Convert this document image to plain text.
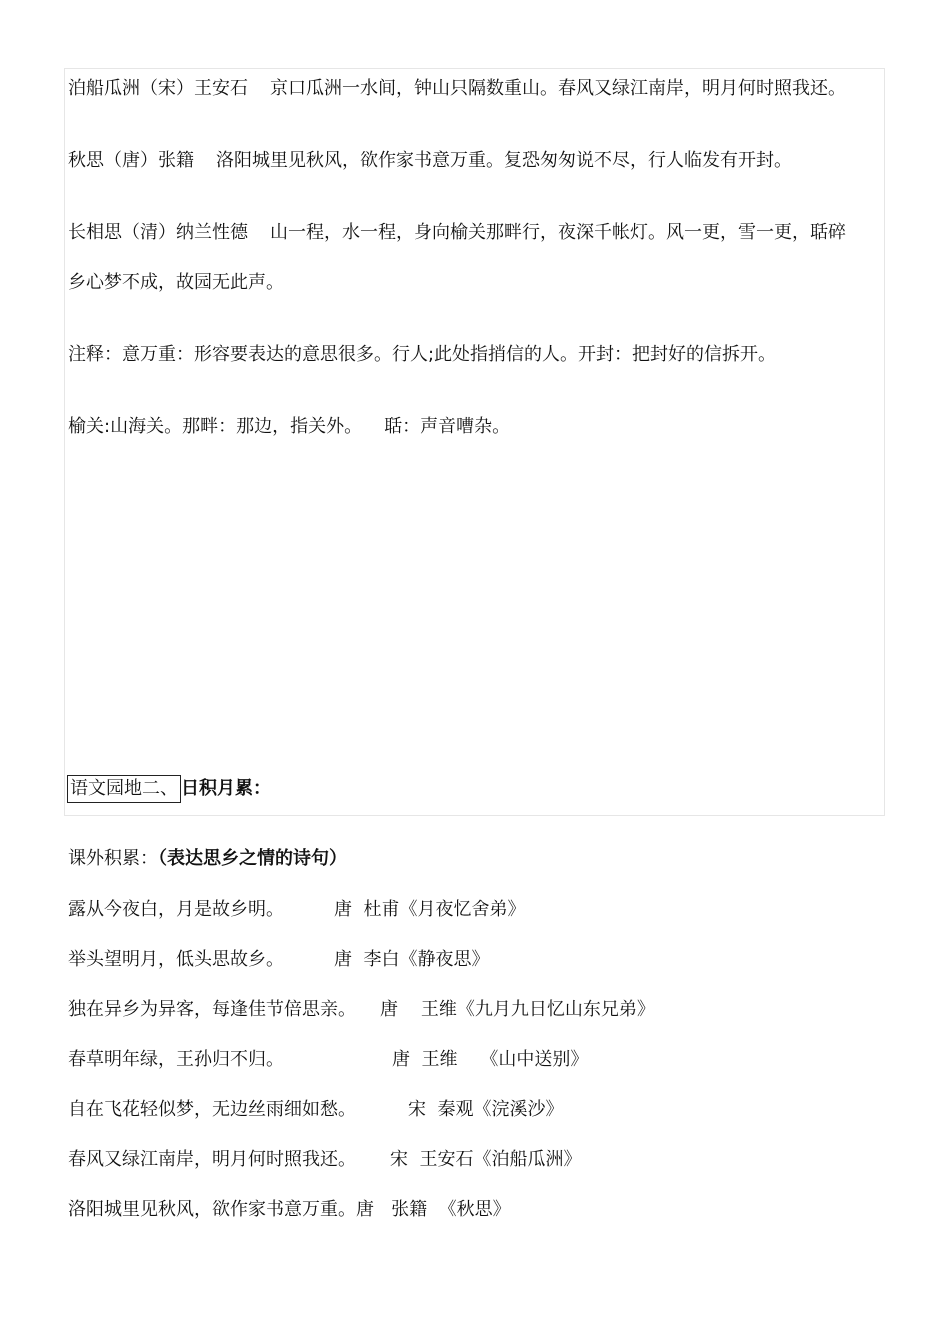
泊船瓜洲（宋）王安石 京口瓜洲一水间，钟山只隔数重山。春风又绿江南岸，明月何时照我还。
秋思（唐）张籍 洛阳城里见秋风，欲作家书意万重。复恐匆匆说不尽，行人临发有开封。
长相思（清）纳兰性德 山一程，水一程，身向榆关那畔行，夜深千帐灯。风一更，雪一更，聒碎
乡心梦不成，故园无此声。
注释：意万重：形容要表达的意思很多。行人;此处指捎信的人。开封：把封好的信拆开。
榆关:山海关。那畔：那边，指关外。 聒：声音嘈杂。
语文园地二、 日积月累：
课外积累：（表达思乡之情的诗句）
露从今夜白，月是故乡明。	唐  杜甫《月夜忆舍弟》
举头望明月，低头思故乡。	唐  李白《静夜思》
独在异乡为异客，每逢佳节倍思亲。 唐    王维《九月九日忆山东兄弟》
春草明年绿，王孙归不归。	唐  王维    《山中送别》
自在飞花轻似梦，无边丝雨细如愁。	宋  秦观《浣溪沙》
春风又绿江南岸，明月何时照我还。 宋  王安石《泊船瓜洲》
洛阳城里见秋风，欲作家书意万重。唐   张籍  《秋思》
